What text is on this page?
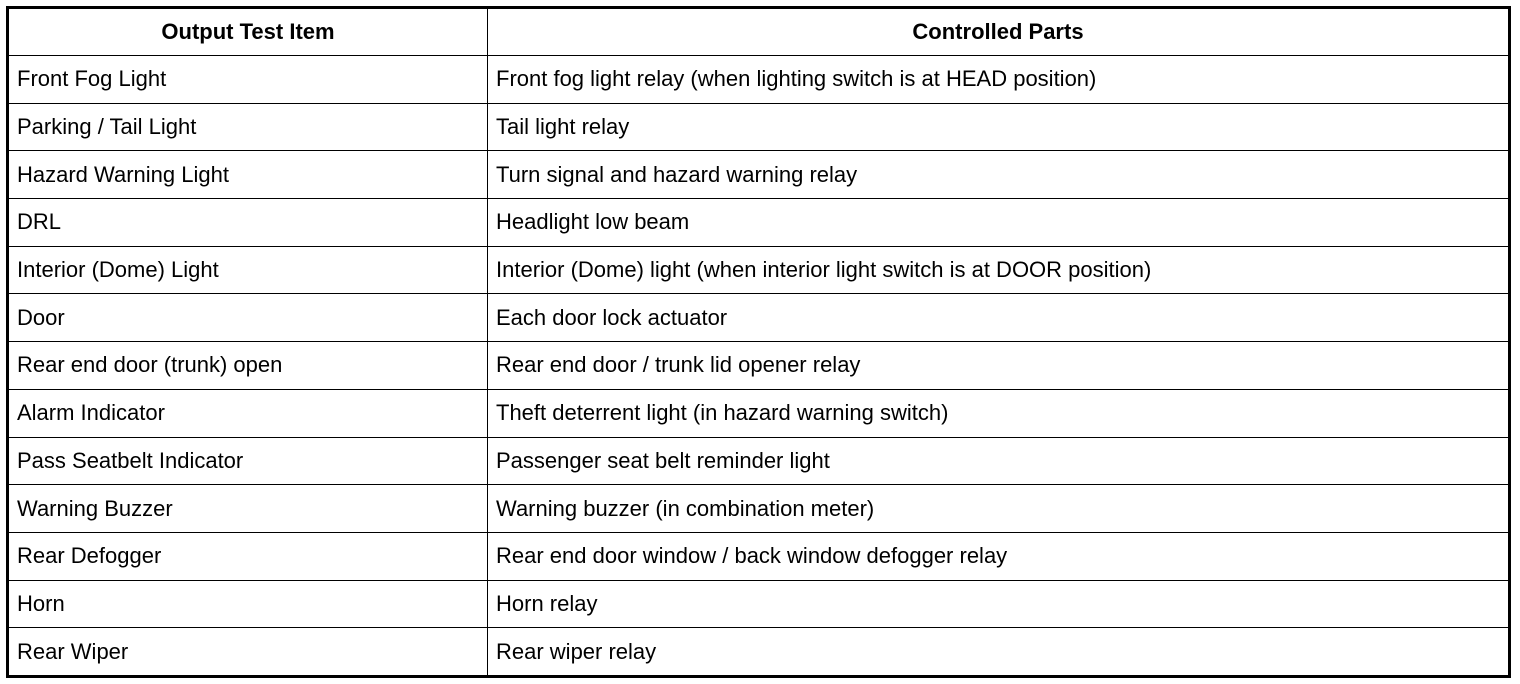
Output Test Item	Controlled Parts
Front Fog Light	Front fog light relay (when lighting switch is at HEAD position)
Parking / Tail Light	Tail light relay
Hazard Warning Light	Turn signal and hazard warning relay
DRL	Headlight low beam
Interior (Dome) Light	Interior (Dome) light (when interior light switch is at DOOR position)
Door	Each door lock actuator
Rear end door (trunk) open	Rear end door / trunk lid opener relay
Alarm Indicator	Theft deterrent light (in hazard warning switch)
Pass Seatbelt Indicator	Passenger seat belt reminder light
Warning Buzzer	Warning buzzer (in combination meter)
Rear Defogger	Rear end door window / back window defogger relay
Horn	Horn relay
Rear Wiper	Rear wiper relay
